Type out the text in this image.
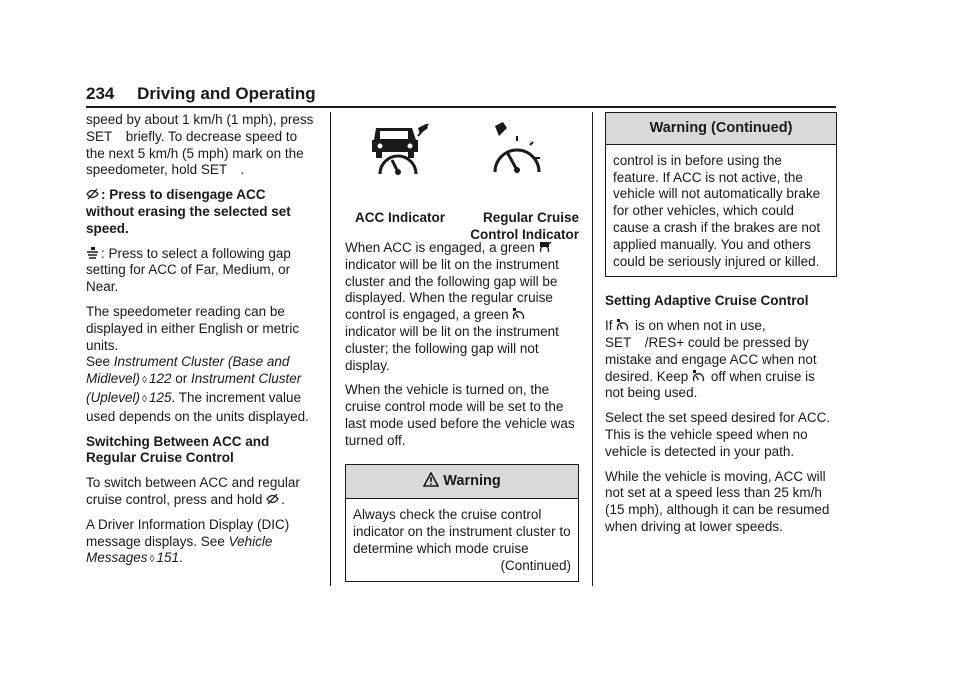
234 Driving and Operating

speed by about 1 km/h (1 mph), press SET briefly. To decrease speed to the next 5 km/h (5 mph) mark on the speedometer, hold SET .

: Press to disengage ACC without erasing the selected set speed.

: Press to select a following gap setting for ACC of Far, Medium, or Near.

The speedometer reading can be displayed in either English or metric units.
See Instrument Cluster (Base and Midlevel) ◊ 122 or Instrument Cluster (Uplevel) ◊ 125. The increment value used depends on the units displayed.

Switching Between ACC and Regular Cruise Control

To switch between ACC and regular cruise control, press and hold
.

A Driver Information Display (DIC) message displays. See Vehicle Messages ◊ 151.

ACC Indicator	Regular Cruise
Control Indicator

When ACC is engaged, a green
indicator will be lit on the instrument cluster and the following gap will be displayed. When the regular cruise control is engaged, a green
indicator will be lit on the instrument cluster; the following gap will not display.

When the vehicle is turned on, the cruise control mode will be set to the last mode used before the vehicle was turned off.

Warning
Always check the cruise control indicator on the instrument cluster to determine which mode cruise
(Continued)
Warning (Continued)
control is in before using the feature. If ACC is not active, the vehicle will not automatically brake for other vehicles, which could cause a crash if the brakes are not applied manually. You and others could be seriously injured or killed.

Setting Adaptive Cruise Control

If
is on when not in use, SET /RES+ could be pressed by mistake and engage ACC when not desired. Keep
off when cruise is not being used.

Select the set speed desired for ACC. This is the vehicle speed when no vehicle is detected in your path.

While the vehicle is moving, ACC will not set at a speed less than 25 km/h (15 mph), although it can be resumed when driving at lower speeds.
